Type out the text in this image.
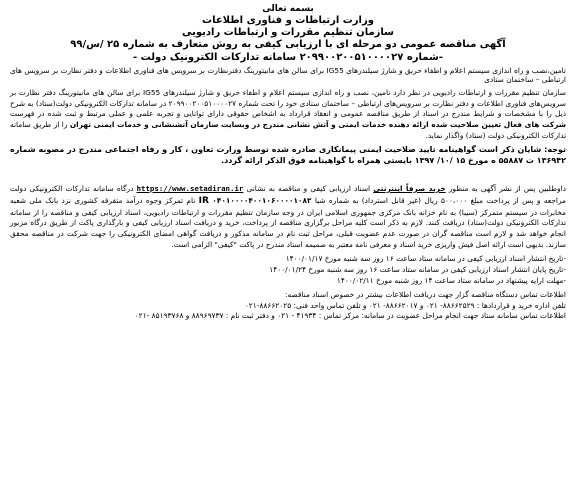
بسمه تعالی
وزارت ارتباطات و فناوری اطلاعات
سازمان تنظیم مقررات و ارتباطات رادیویی
آگهی مناقصه عمومی دو مرحله ای با ارزیابی کیفی به روش متعارف به شماره ۲۵ /س/۹۹
-شماره ۲۰۹۹۰۰۲۰۰۵۱۰۰۰۰۲۷ سامانه تدارکات الکترونیک دولت -
تامین،نصب و راه اندازی سیستم اعلام و اطفاء حریق و شارژ سیلندرهای IG55 برای سالن های مانیتورینگ دفترنظارت بر سرویس های فناوری اطلاعات و دفتر نظارت بر سرویس های ارتباطی – ساختمان ستادی
سازمان تنظیم مقررات و ارتباطات رادیویی در نظر دارد تامین، نصب و راه اندازی سیستم اعلام و اطفاء حریق و شارژ سیلندرهای IG55 برای سالن های مانیتورینگ دفتر نظارت بر سرویس‌های فناوری اطلاعات و دفتر نظارت بر سرویس‌های ارتباطی – ساختمان ستادی خود را تحت شماره ۲۰۹۹۰۰۲۰۰۵۱۰۰۰۰۲۷ در سامانه تدارکات الکترونیکی دولت(ستاد) به شرح ذیل را با مشخصات و شرایط مندرج در اسناد از طریق مناقصه عمومی و انعقاد قرارداد به اشخاص حقوقی دارای توانایی و تجربه علمی و عملی مرتبط و ثبت شده در فهرست شرکت های فعال تعیین صلاحیت شده ارائه دهنده خدمات ایمنی و آتش نشانی مندرج در وبسایت سازمان آتشنشانی و خدمات ایمنی تهران را از طریق سامانه تدارکات الکترونیکی دولت (ستاد) واگذار نماید.
توجه: شایان ذکر است گواهینامه تایید صلاحیت ایمنی پیمانکاری صادره شده توسط وزارت تعاون ، کار و رفاه اجتماعی مندرج در مصوبه شماره ۱۳۶۹۴۲ ت ۵۵۸۸۷ ه مورخ ۱۵ /۱۰/ ۱۳۹۷ بایستی همراه با گواهینامه فوق الذکر ارائه گردد.
داوطلبین پس از نشر آگهی به منظور خرید صرفاً اینترنتی اسناد ارزیابی کیفی و مناقصه به نشانی https://www.setadiran.ir درگاه سامانه تدارکات الکترونیکی دولت مراجعه و پس از پرداخت مبلغ ۵۰۰،۰۰۰ ریال (غیر قابل استرداد) به شماره شبا ۰۴۰۱۰۰۰۰۴۰۰۱۰۶۰۰۰۰۱۰۸۲ IR نام تمرکز وجوه درآمد متفرقه کشوری نزد بانک ملی شعبه مخابرات در سیستم متمرکز (سیبا) به نام خزانه بانک مرکزی جمهوری اسلامی ایران در وجه سازمان تنظیم مقررات و ارتباطات رادیویی، اسناد ارزیابی کیفی و مناقصه را از سامانه تدارکات الکترونیکی دولت(ستاد) دریافت کنند. لازم به ذکر است کلیه مراحل برگزاری مناقصه از پرداخت، خرید و دریافت اسناد ارزیابی کیفی و بارگذاری پاکت از طریق درگاه مزبور انجام خواهد شد و لازم است مناقصه گران در صورت عدم عضویت قبلی، مراحل ثبت نام در سامانه مذکور و دریافت گواهی امضای الکترونیکی را جهت شرکت در مناقصه محقق سازند. بدیهی است ارائه اصل فیش واریزی خرید اسناد و معرفی نامه معتبر به صمیمه اسناد مندرج در پاکت "کیفی" الزامی است.
-تاریخ انتشار اسناد ارزیابی کیفی در سامانه ستاد ساعت ۱۶ روز سه شنبه مورخ ۱۴۰۰/۰۱/۱۷
-تاریخ پایان انتشار اسناد ارزیابی کیفی در سامانه ستاد ساعت ۱۶ روز سه شنبه مورخ ۱۴۰۰/۰۱/۲۴
-مهلت ارایه پیشنهاد در سامانه ستاد ساعت ۱۴ روز شنبه مورخ ۱۴۰۰/۰۲/۱۱
اطلاعات تماس دستگاه مناقصه گزار جهت دریافت اطلاعات بیشتر در خصوص اسناد مناقصه:
تلفن اداره خرید و قراردادها : ۸۸۶۶۲۵۲۹- ۰۲۱ و ۸۸۶۶۲۰۱۷- ۰۲۱ و تلفن تماس واحد فنی: ۸۸۶۶۲۰۲۵-۰۲۱
اطلاعات تماس سامانه ستاد جهت انجام مراحل عضویت در سامانه: مرکز تماس : ۴۱۹۳۴ - ۰۲۱ و دفتر ثبت نام : ۸۸۹۶۹۷۳۷ و ۸۵۱۹۳۷۶۸ -۰۲۱
